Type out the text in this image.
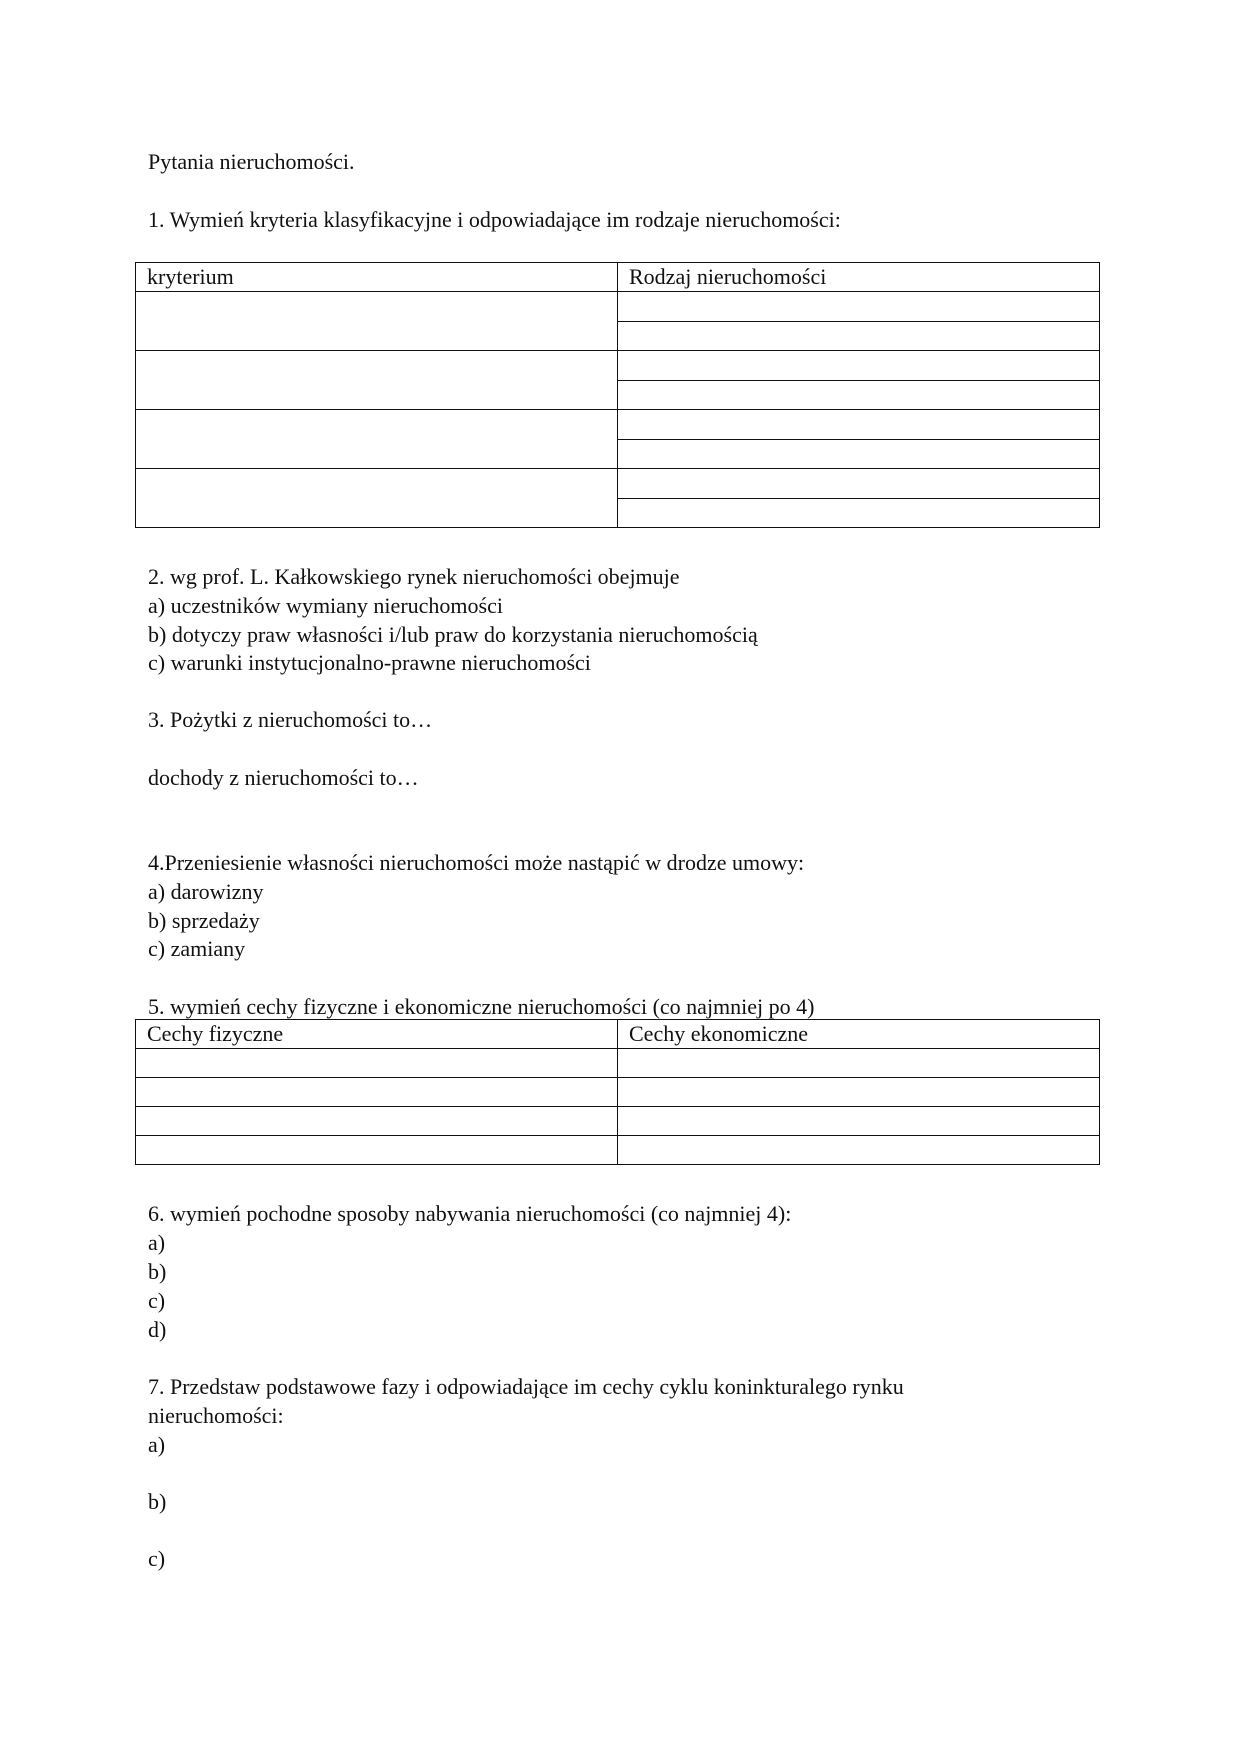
Pytania nieruchomości.
1. Wymień kryteria klasyfikacyjne i odpowiadające im rodzaje nieruchomości:
kryterium	Rodzaj nieruchomości

2. wg prof. L. Kałkowskiego rynek nieruchomości obejmuje
a) uczestników wymiany nieruchomości
b) dotyczy praw własności i/lub praw do korzystania nieruchomością
c) warunki instytucjonalno-prawne nieruchomości
3. Pożytki z nieruchomości to…
dochody z nieruchomości to…
4.Przeniesienie własności nieruchomości może nastąpić w drodze umowy:
a) darowizny
b) sprzedaży
c) zamiany
5. wymień cechy fizyczne i ekonomiczne nieruchomości (co najmniej po 4)
Cechy fizyczne	Cechy ekonomiczne

6. wymień pochodne sposoby nabywania nieruchomości (co najmniej 4):
a)
b)
c)
d)
7. Przedstaw podstawowe fazy i odpowiadające im cechy cyklu koninkturalego rynku
nieruchomości:
a)
b)
c)
